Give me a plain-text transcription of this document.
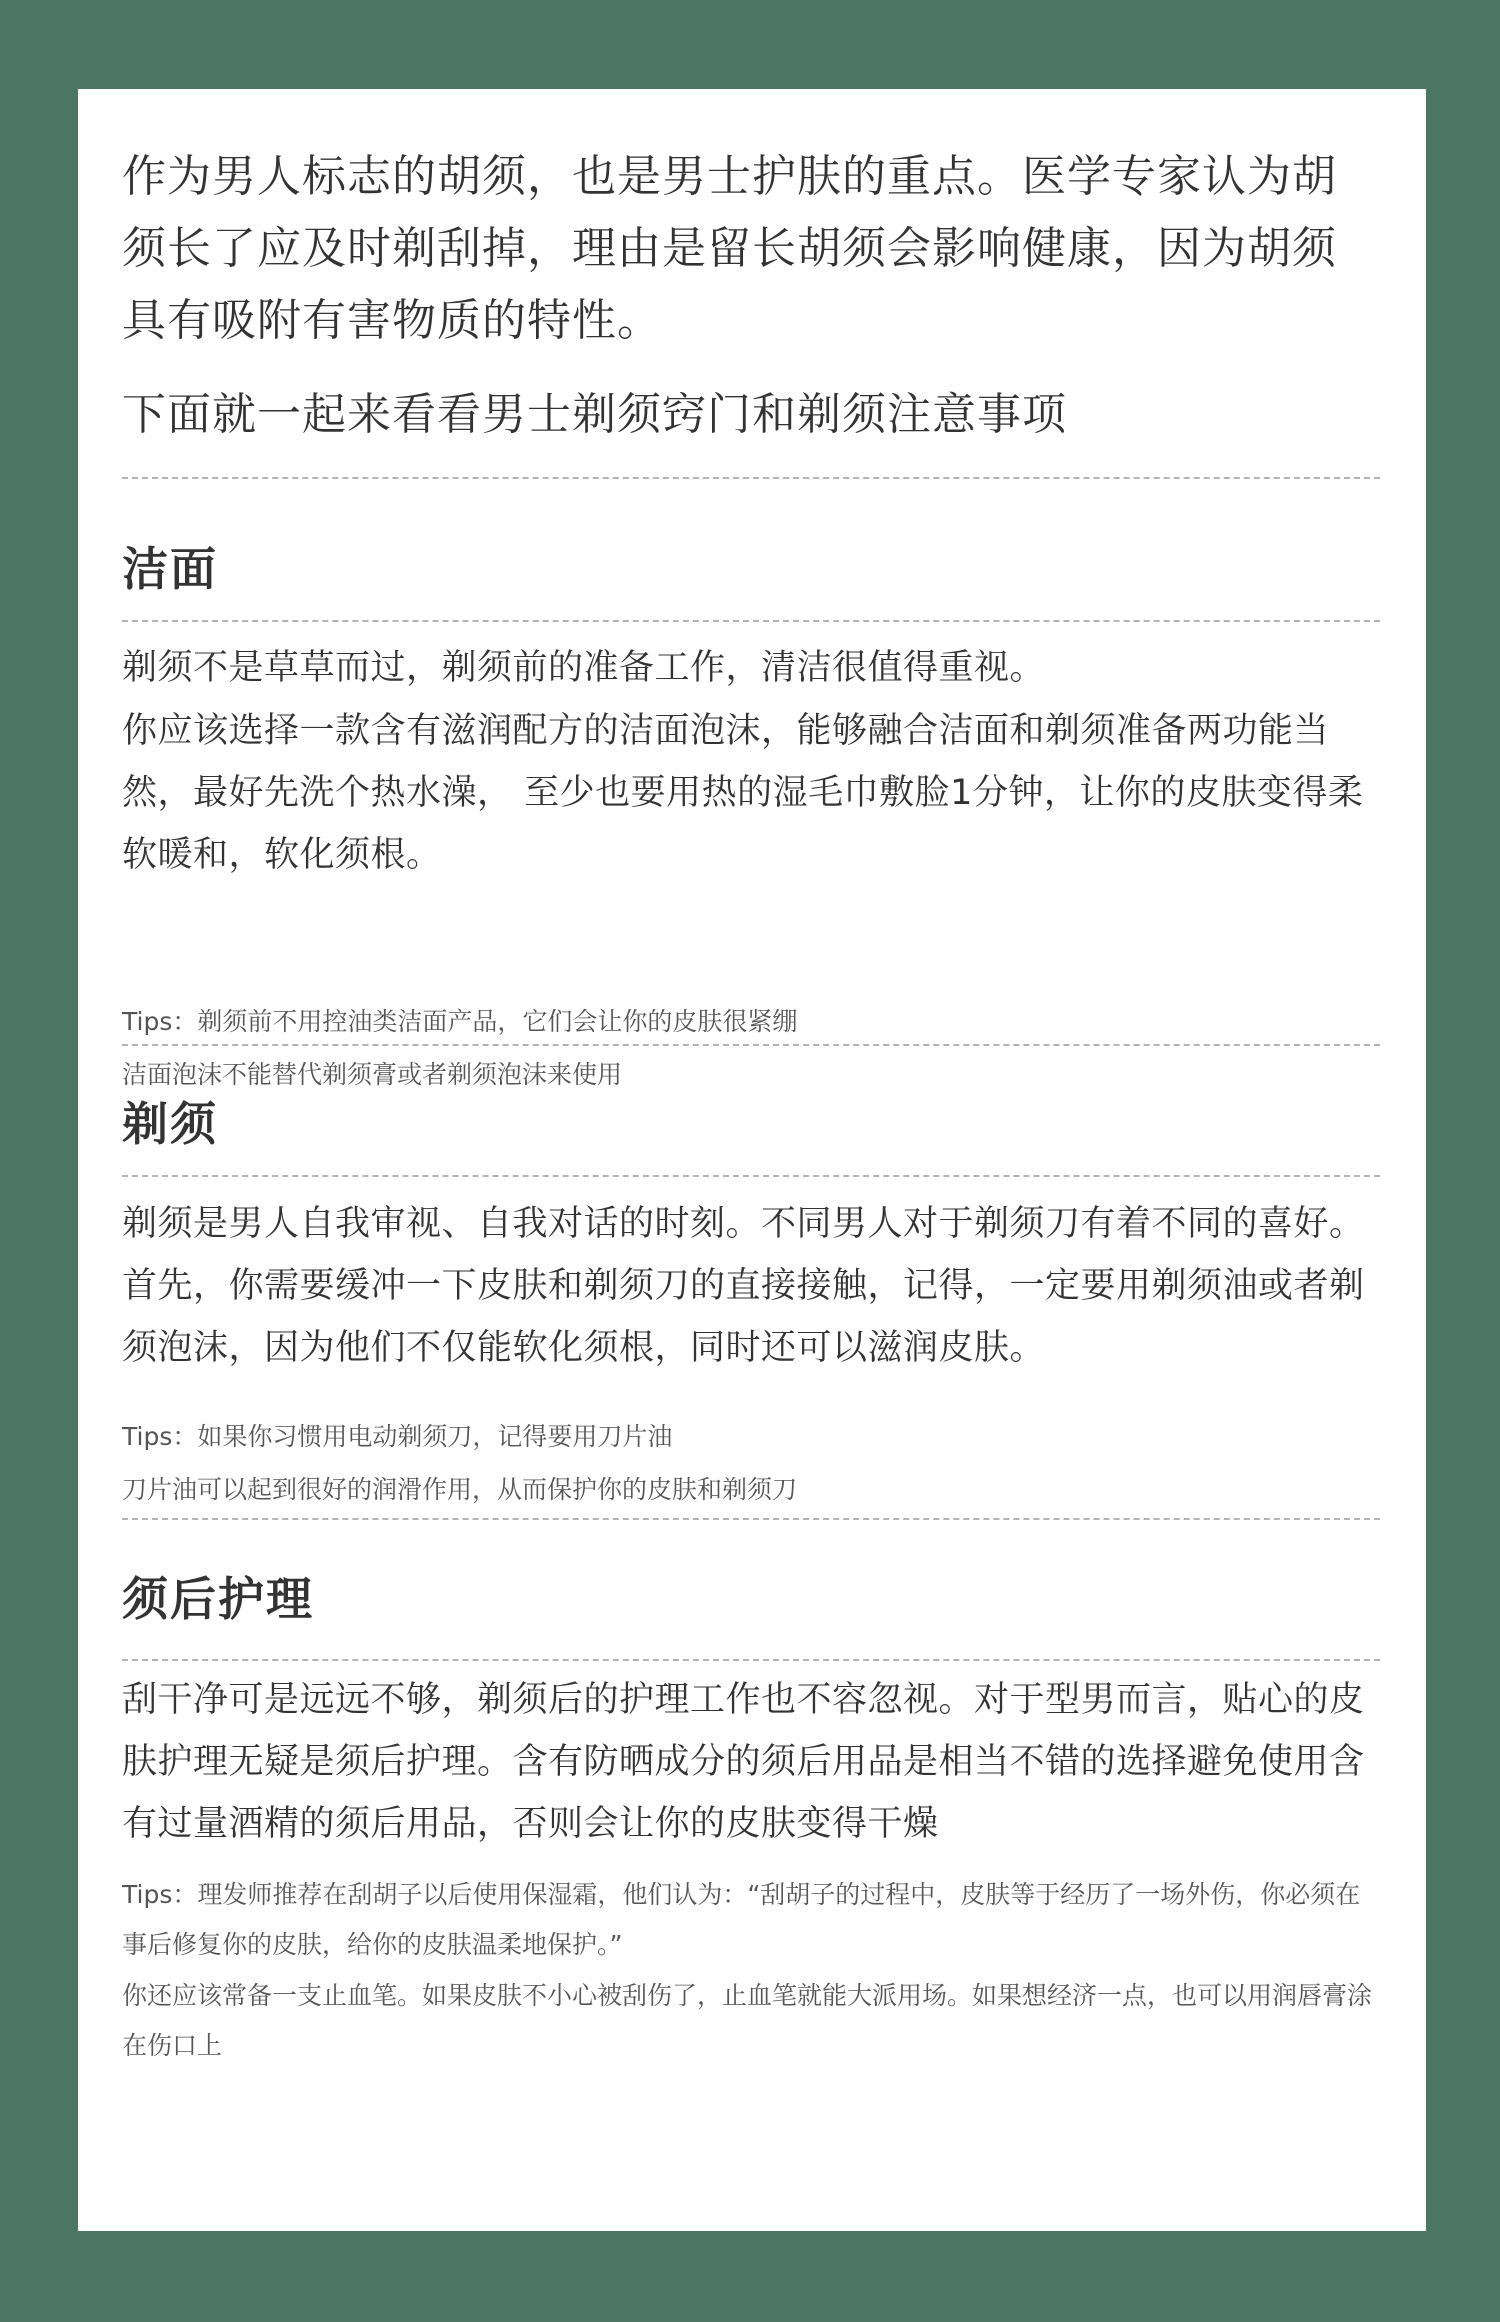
作为男人标志的胡须，也是男士护肤的重点。医学专家认为胡须长了应及时剃刮掉，理由是留长胡须会影响健康，因为胡须具有吸附有害物质的特性。

下面就一起来看看男士剃须窍门和剃须注意事项

洁面

剃须不是草草而过，剃须前的准备工作，清洁很值得重视。

你应该选择一款含有滋润配方的洁面泡沫，能够融合洁面和剃须准备两功能当然，最好先洗个热水澡， 至少也要用热的湿毛巾敷脸1分钟，让你的皮肤变得柔软暖和，软化须根。

Tips：剃须前不用控油类洁面产品，它们会让你的皮肤很紧绷

洁面泡沫不能替代剃须膏或者剃须泡沫来使用

剃须

剃须是男人自我审视、自我对话的时刻。不同男人对于剃须刀有着不同的喜好。首先，你需要缓冲一下皮肤和剃须刀的直接接触，记得，一定要用剃须油或者剃须泡沫，因为他们不仅能软化须根，同时还可以滋润皮肤。

Tips：如果你习惯用电动剃须刀，记得要用刀片油

刀片油可以起到很好的润滑作用，从而保护你的皮肤和剃须刀

须后护理

刮干净可是远远不够，剃须后的护理工作也不容忽视。对于型男而言，贴心的皮肤护理无疑是须后护理。含有防晒成分的须后用品是相当不错的选择避免使用含有过量酒精的须后用品，否则会让你的皮肤变得干燥

Tips：理发师推荐在刮胡子以后使用保湿霜，他们认为：“刮胡子的过程中，皮肤等于经历了一场外伤，你必须在事后修复你的皮肤，给你的皮肤温柔地保护。”

你还应该常备一支止血笔。如果皮肤不小心被刮伤了，止血笔就能大派用场。如果想经济一点，也可以用润唇膏涂在伤口上
